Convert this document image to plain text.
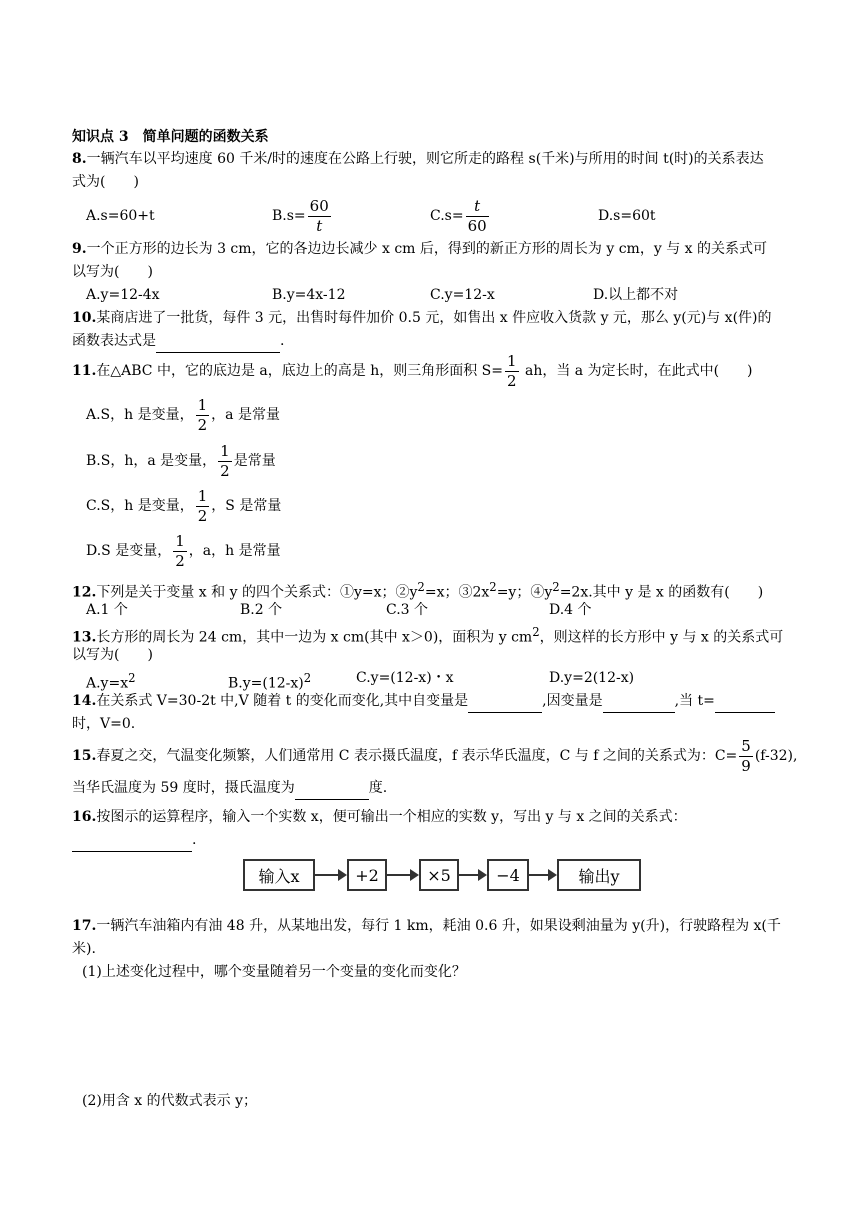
知识点 3　简单问题的函数关系
8.一辆汽车以平均速度 60 千米/时的速度在公路上行驶，则它所走的路程 s(千米)与所用的时间 t(时)的关系表达
式为(　　)
A.s=60+t	$B.s= \frac{60}{t}$	$C.s= \frac{t}{60}$	D.s=60t
9.一个正方形的边长为 3 cm，它的各边边长减少 x cm 后，得到的新正方形的周长为 y cm，y 与 x 的关系式可
以写为(　　)
A.y=12-4x	B.y=4x-12	C.y=12-x	D.以上都不对
10.某商店进了一批货，每件 3 元，出售时每件加价 0.5 元，如售出 x 件应收入货款 y 元，那么 y(元)与 x(件)的
函数表达式是	.
11.在△ABC 中，它的底边是 a，底边上的高是 h，则三角形面积 $S= \frac{1}{2}$ ah，当 a 为定长时，在此式中(　　)
A.S，h 是变量， $\frac{1}{2}$ ，a 是常量
B.S，h，a 是变量， $\frac{1}{2}$ 是常量
C.S，h 是变量， $\frac{1}{2}$ ，S 是常量
D.S 是变量， $\frac{1}{2}$ ，a，h 是常量
12.下列是关于变量 x 和 y 的四个关系式：①y=x；$②y^2=x$；$③2x^2=y$；$④y^2=2x$.其中 y 是 x 的函数有(　　)
A.1 个	B.2 个	C.3 个	D.4 个
13.长方形的周长为 24 cm，其中一边为 x cm(其中 x＞0)，面积为 y $cm^2$，则这样的长方形中 y 与 x 的关系式可
以写为(　　)
$A.y=x^2$	$B.y=(12-x)^2$	C.y=(12-x)・x	D.y=2(12-x)
14.在关系式 V=30-2t 中,V 随着 t 的变化而变化,其中自变量是	,因变量是	,当 t=
时，V=0.
15.春夏之交，气温变化频繁，人们通常用 C 表示摄氏温度，f 表示华氏温度，C 与 f 之间的关系式为：$C= \frac{5}{9} (f-32)$,
当华氏温度为 59 度时，摄氏温度为	度.
16.按图示的运算程序，输入一个实数 x，便可输出一个相应的实数 y，写出 y 与 x 之间的关系式：
.
输入x	+2	×5	−4	输出y
17.一辆汽车油箱内有油 48 升，从某地出发，每行 1 km，耗油 0.6 升，如果设剩油量为 y(升)，行驶路程为 x(千
米).
(1)上述变化过程中，哪个变量随着另一个变量的变化而变化？
(2)用含 x 的代数式表示 y；
